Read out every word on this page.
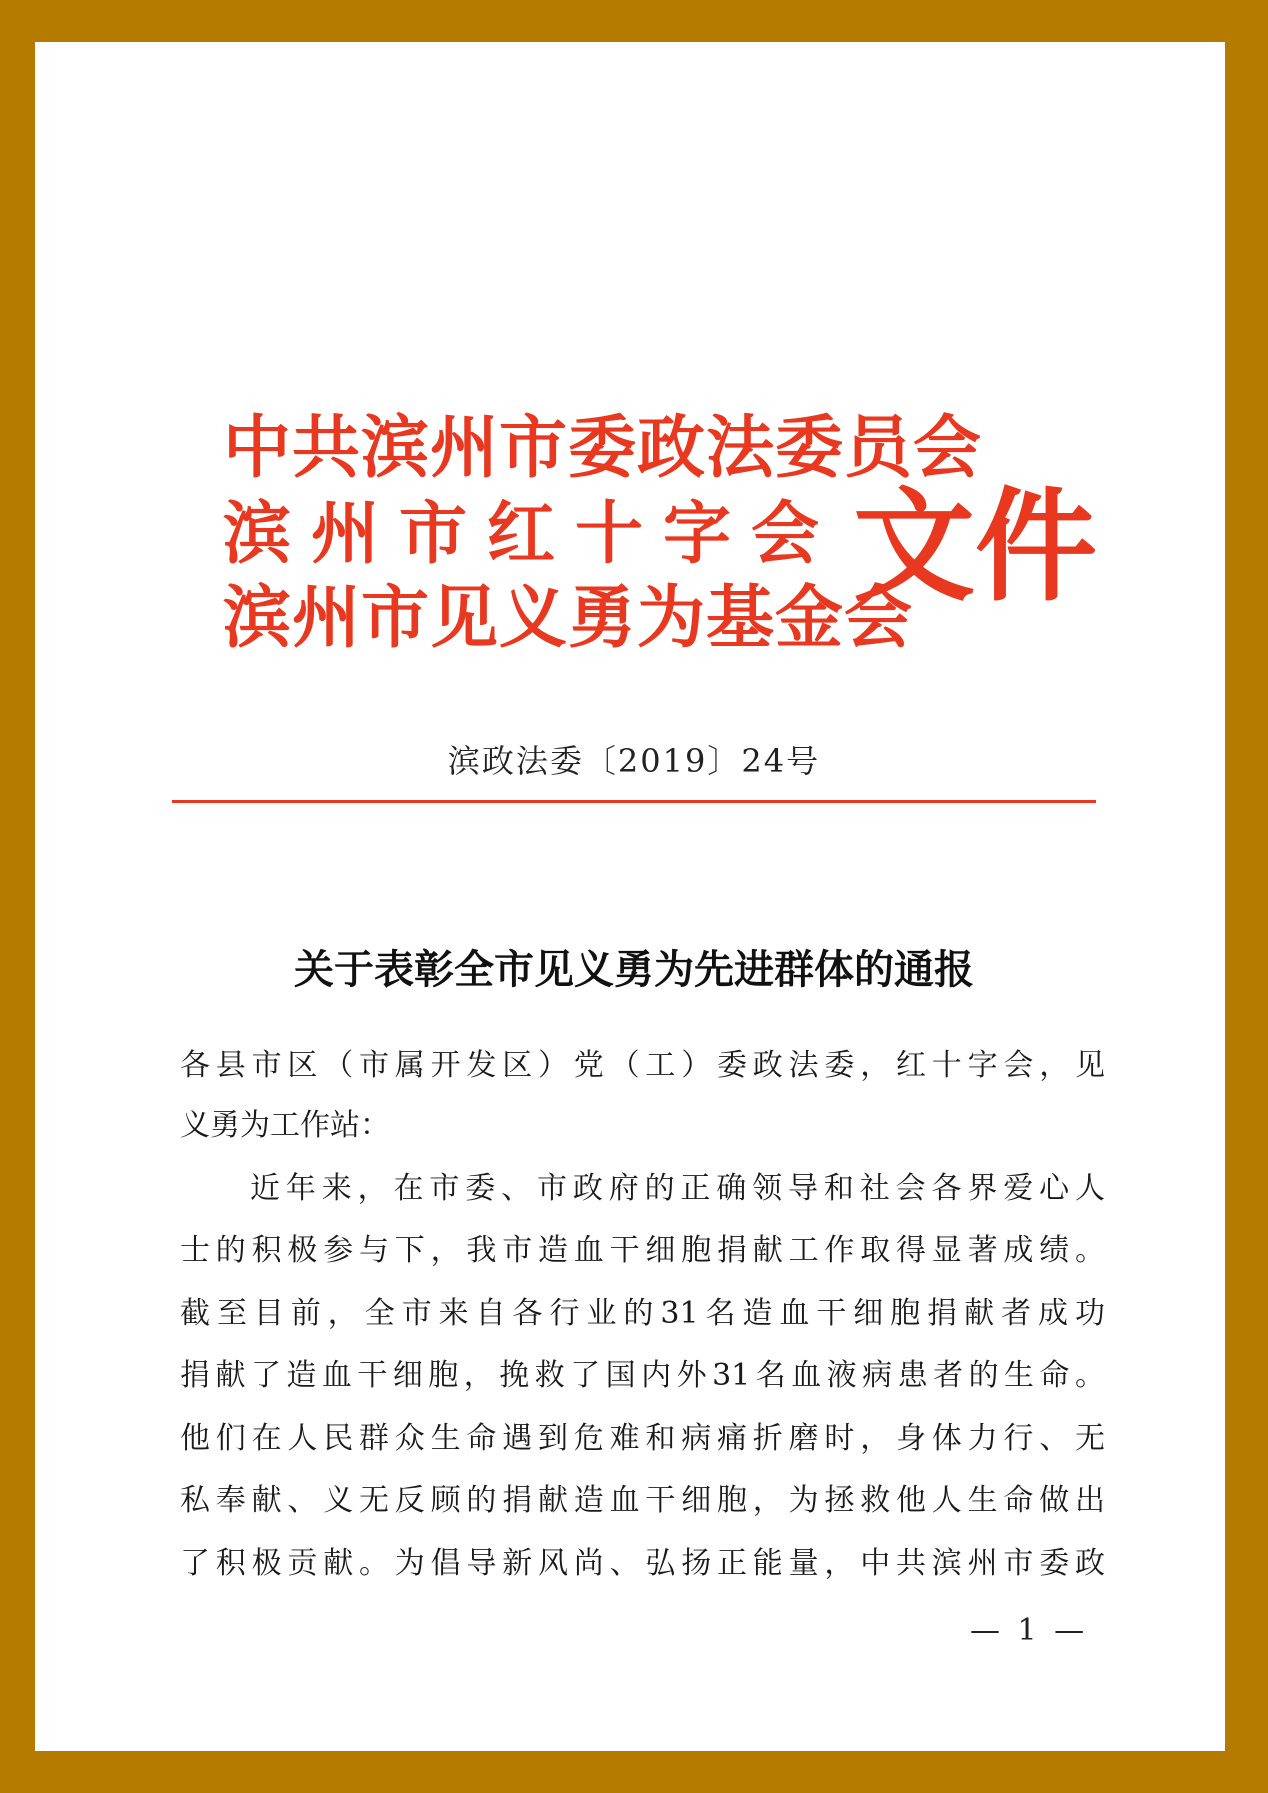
中共滨州市委政法委员会
滨州市红十字会
滨州市见义勇为基金会
文件
滨政法委〔2019〕24号
关于表彰全市见义勇为先进群体的通报
各县市区（市属开发区）党（工）委政法委，红十字会，见
义勇为工作站：
近年来，在市委、市政府的正确领导和社会各界爱心人
士的积极参与下，我市造血干细胞捐献工作取得显著成绩。
截至目前，全市来自各行业的31名造血干细胞捐献者成功
捐献了造血干细胞，挽救了国内外31名血液病患者的生命。
他们在人民群众生命遇到危难和病痛折磨时，身体力行、无
私奉献、义无反顾的捐献造血干细胞，为拯救他人生命做出
了积极贡献。为倡导新风尚、弘扬正能量，中共滨州市委政
— 1 —
